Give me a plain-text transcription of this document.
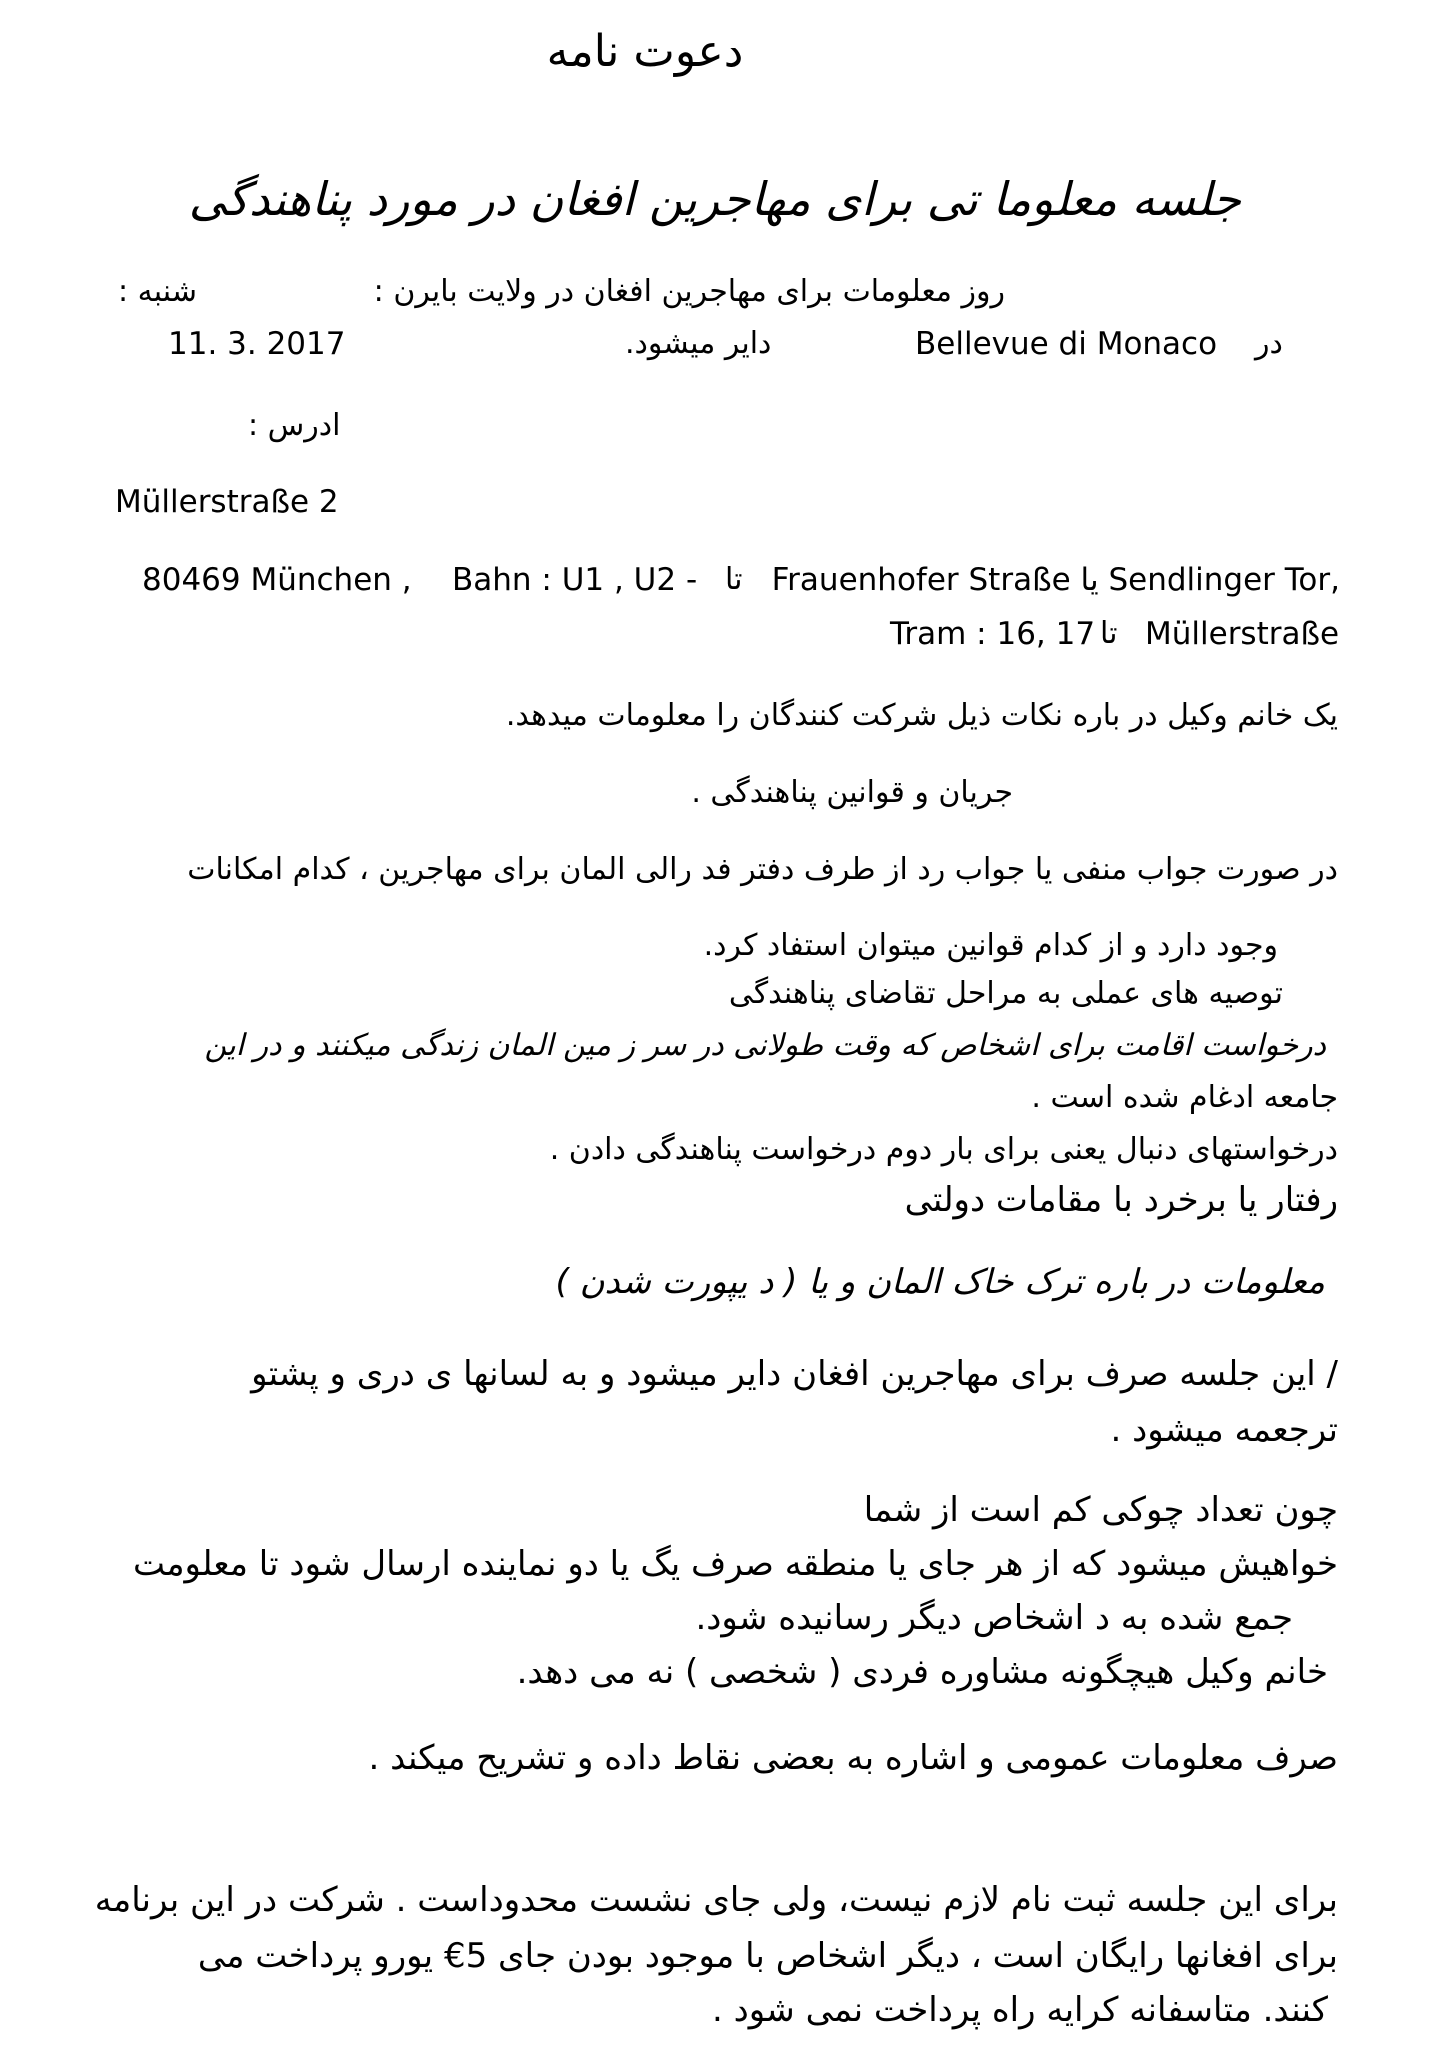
دعوت نامه
جلسه معلوما تی برای مهاجرین افغان در مورد پناهندگی
روز معلومات برای مهاجرین افغان در ولایت بایرن :
شنبه :
11. 3. 2017	دایر میشود.	Bellevue di Monaco در
ادرس :
Müllerstraße 2
80469 München , Bahn : U1 , U2 - تا Frauenhofer Straße یا Sendlinger Tor,
Tram : 16, 17 تا Müllerstraße
یک خانم وکیل در باره نکات ذیل شرکت کنندگان را معلومات میدهد.
جریان و قوانین پناهندگی .
در صورت جواب منفی یا جواب رد از طرف دفتر فد رالی المان برای مهاجرین ، کدام امکانات
وجود دارد و از کدام قوانین میتوان استفاد کرد.
توصیه های عملی به مراحل تقاضای پناهندگی
درخواست اقامت برای اشخاص که وقت طولانی در سر ز مین المان زندگی میکنند و در این
جامعه ادغام شده است .
درخواستهای دنبال یعنی برای بار دوم درخواست پناهندگی دادن .
رفتار یا برخرد با مقامات دولتی
معلومات در باره ترک خاک المان و یا ( د یپورت شدن )
/ این جلسه صرف برای مهاجرین افغان دایر میشود و به لسانها ی دری و پشتو
ترجعمه میشود .
چون تعداد چوکی کم است از شما
خواهیش میشود که از هر جای یا منطقه صرف یگ یا دو نماینده ارسال شود تا معلومت
جمع شده به د اشخاص دیگر رسانیده شود.
خانم وکیل هیچگونه مشاوره فردی ( شخصی ) نه می دهد.
صرف معلومات عمومی و اشاره به بعضی نقاط داده و تشریح میکند .
برای این جلسه ثبت نام لازم نیست، ولی جای نشست محدوداست . شرکت در این برنامه
برای افغانها رایگان است ، دیگر اشخاص با موجود بودن جای 5€ یورو پرداخت می
کنند. متاسفانه کرایه راه پرداخت نمی شود .
